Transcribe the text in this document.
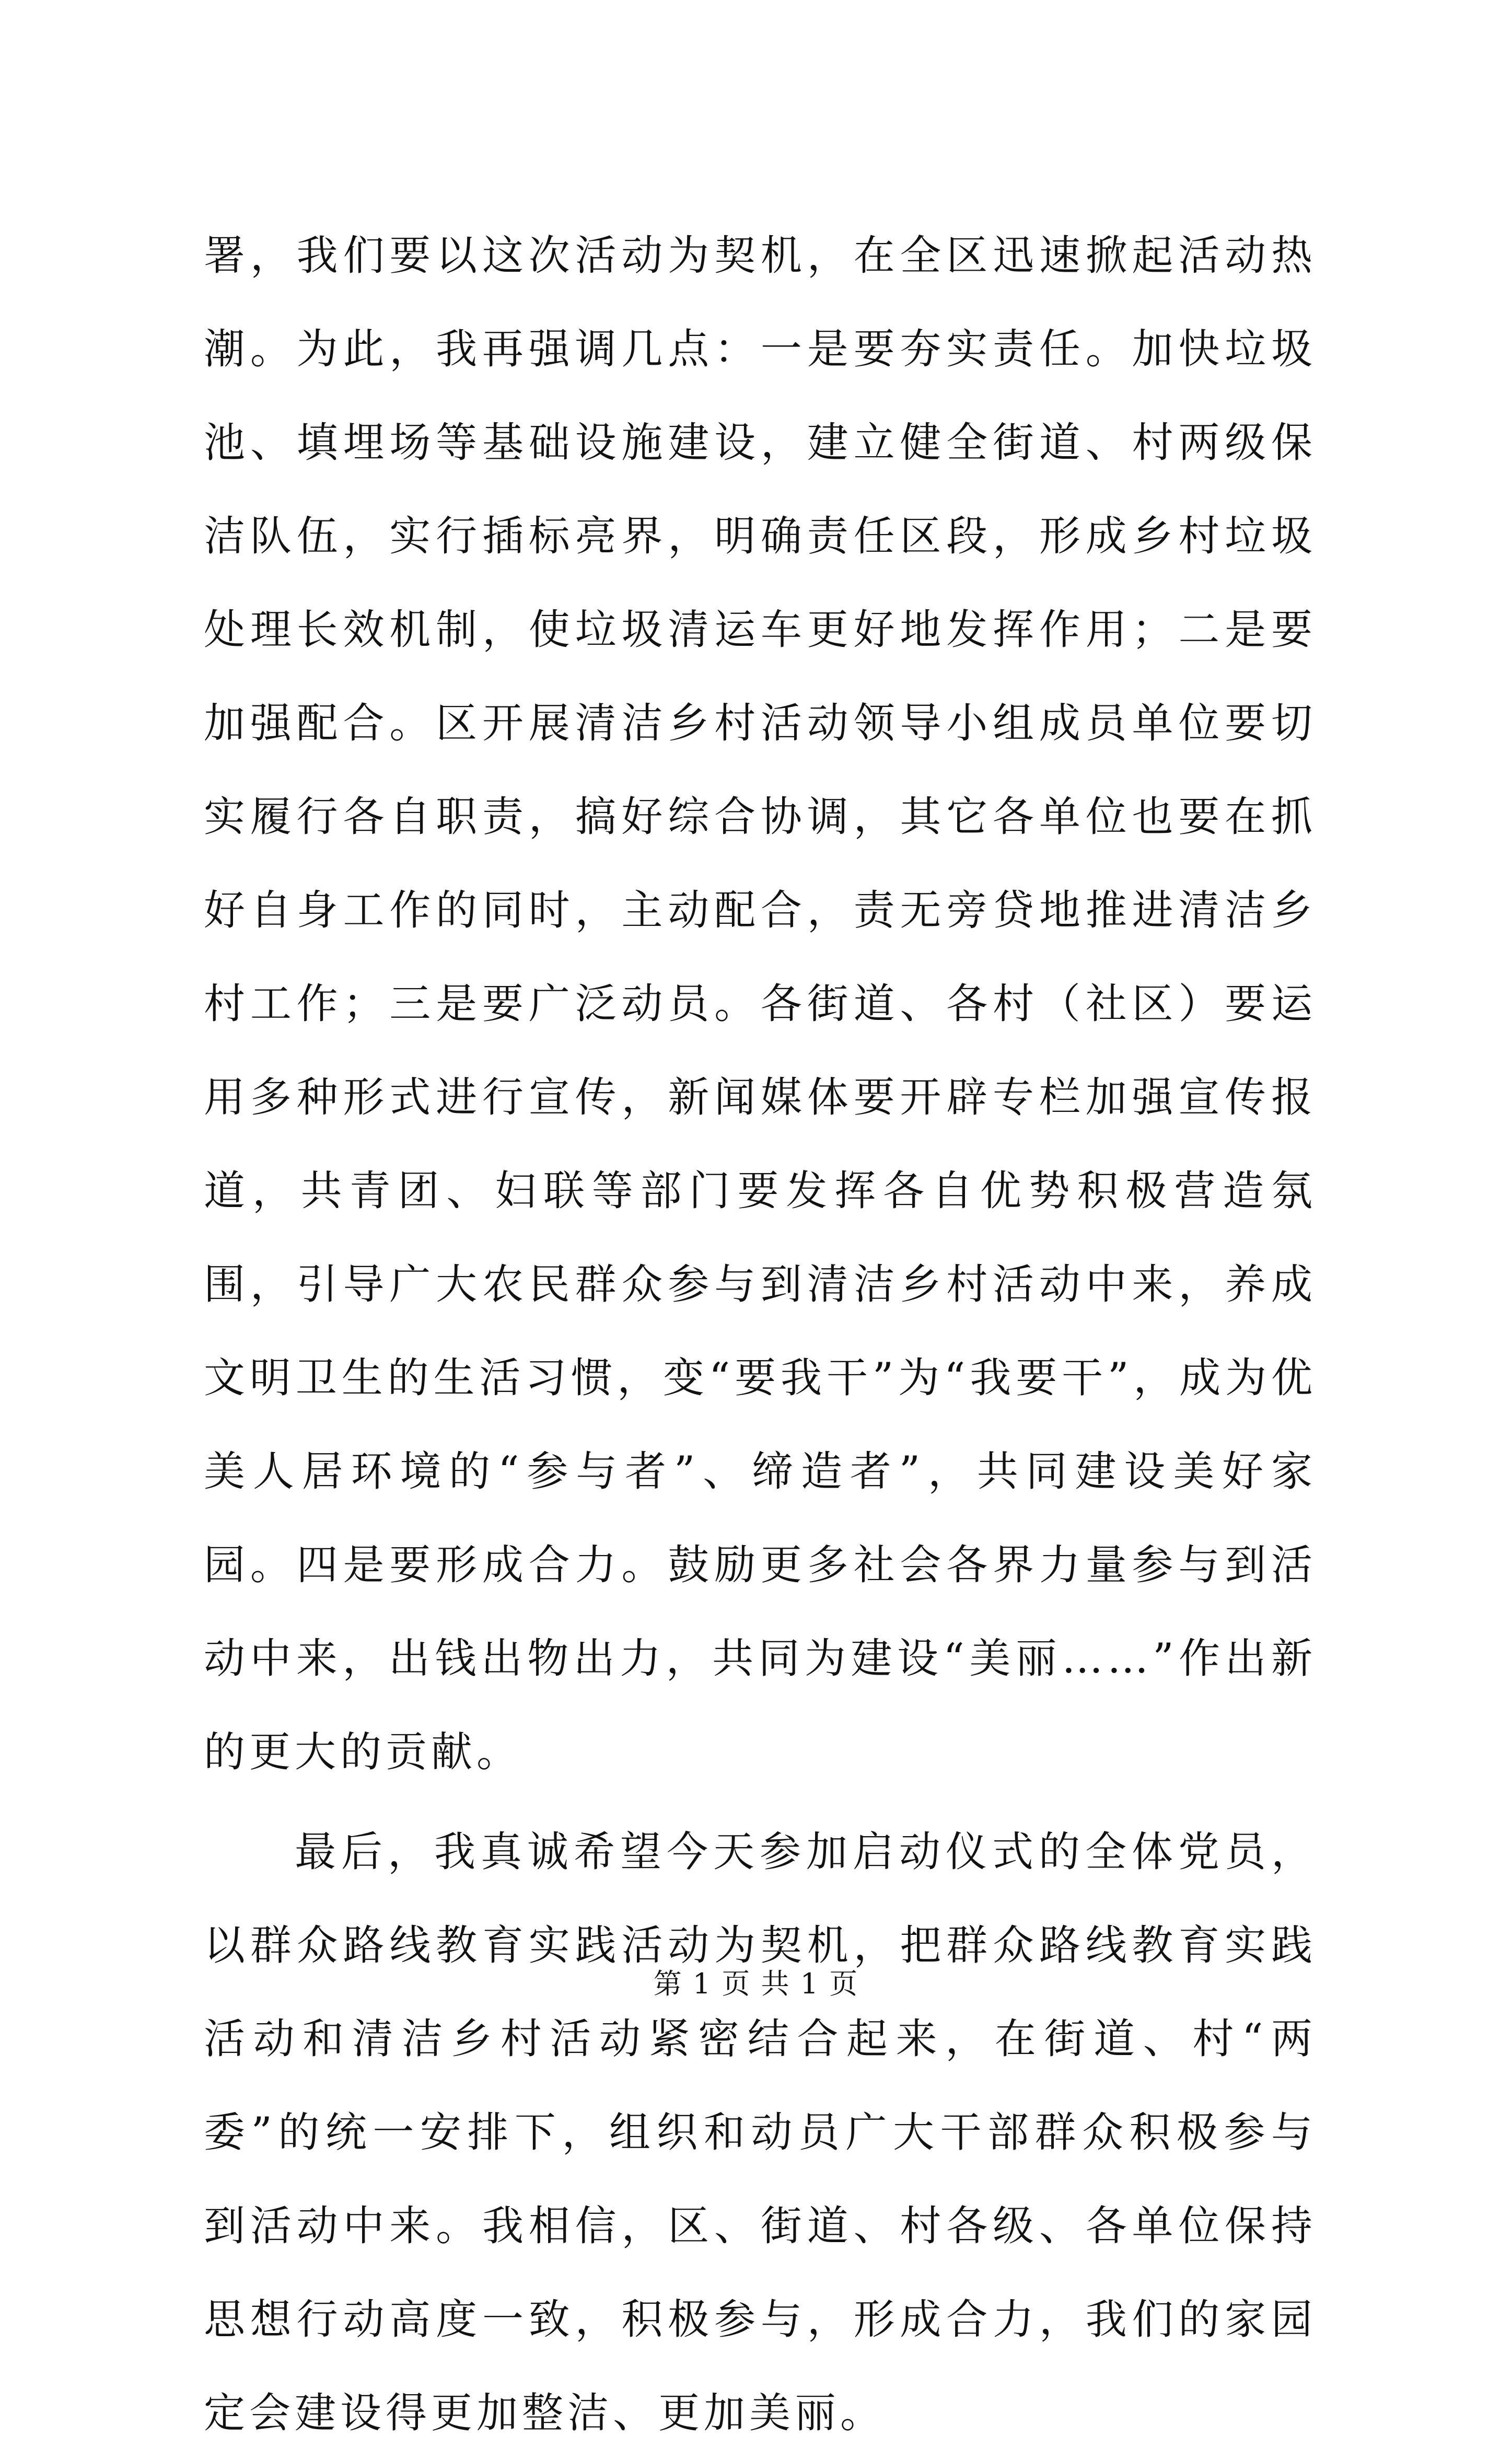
署，我们要以这次活动为契机，在全区迅速掀起活动热潮。为此，我再强调几点：一是要夯实责任。加快垃圾池、填埋场等基础设施建设，建立健全街道、村两级保洁队伍，实行插标亮界，明确责任区段，形成乡村垃圾处理长效机制，使垃圾清运车更好地发挥作用；二是要加强配合。区开展清洁乡村活动领导小组成员单位要切实履行各自职责，搞好综合协调，其它各单位也要在抓好自身工作的同时，主动配合，责无旁贷地推进清洁乡村工作；三是要广泛动员。各街道、各村（社区）要运用多种形式进行宣传，新闻媒体要开辟专栏加强宣传报道，共青团、妇联等部门要发挥各自优势积极营造氛围，引导广大农民群众参与到清洁乡村活动中来，养成文明卫生的生活习惯，变“要我干”为“我要干”，成为优美人居环境的“参与者”、缔造者”，共同建设美好家园。四是要形成合力。鼓励更多社会各界力量参与到活动中来，出钱出物出力，共同为建设“美丽……”作出新的更大的贡献。

最后，我真诚希望今天参加启动仪式的全体党员，以群众路线教育实践活动为契机，把群众路线教育实践活动和清洁乡村活动紧密结合起来，在街道、村“两委”的统一安排下，组织和动员广大干部群众积极参与到活动中来。我相信，区、街道、村各级、各单位保持思想行动高度一致，积极参与，形成合力，我们的家园定会建设得更加整洁、更加美丽。

第 1 页 共 1 页
